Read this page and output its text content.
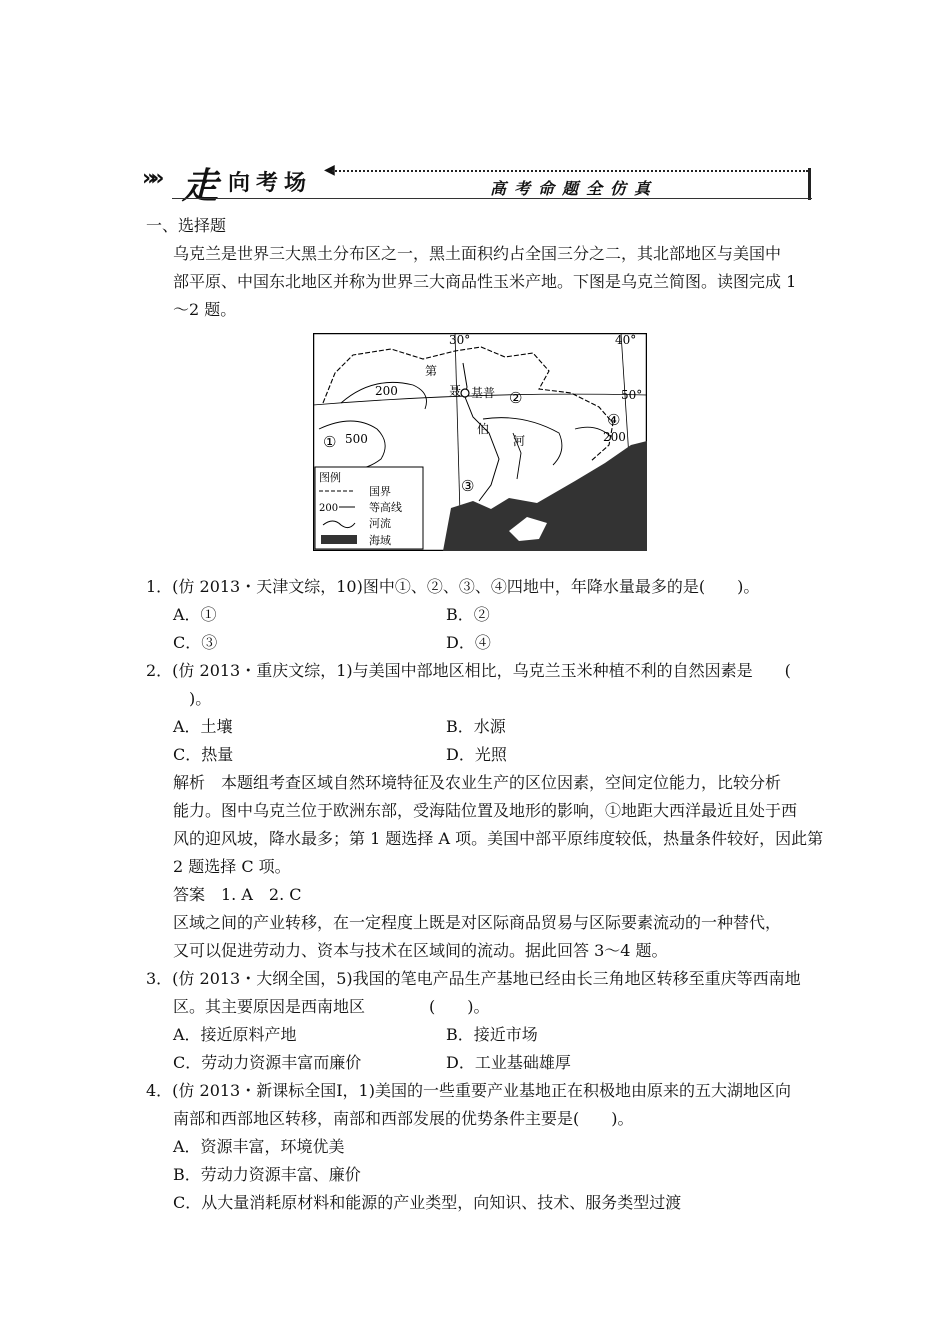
»» 走 向考场
◀
高考命题全仿真
一、选择题
乌克兰是世界三大黑土分布区之一，黑土面积约占全国三分之二，其北部地区与美国中
部平原、中国东北地区并称为世界三大商品性玉米产地。下图是乌克兰简图。读图完成 1
～2 题。
30°	40°
50°
200
500	200
第
聂 基普
伯
河
①
②
③
④
图例
国界
200	等高线
河流
海域
1．(仿 2013・天津文综，10)图中①、②、③、④四地中，年降水量最多的是(　　)。
A．①	B．②
C．③	D．④
2．(仿 2013・重庆文综，1)与美国中部地区相比，乌克兰玉米种植不利的自然因素是　　(
　)。
A．土壤	B．水源
C．热量	D．光照
解析　本题组考查区域自然环境特征及农业生产的区位因素，空间定位能力，比较分析
能力。图中乌克兰位于欧洲东部，受海陆位置及地形的影响，①地距大西洋最近且处于西
风的迎风坡，降水最多；第 1 题选择 A 项。美国中部平原纬度较低，热量条件较好，因此第
2 题选择 C 项。
答案　1. A　2. C
区域之间的产业转移，在一定程度上既是对区际商品贸易与区际要素流动的一种替代，
又可以促进劳动力、资本与技术在区域间的流动。据此回答 3～4 题。
3．(仿 2013・大纲全国，5)我国的笔电产品生产基地已经由长三角地区转移至重庆等西南地
区。其主要原因是西南地区　　　　(　　)。
A．接近原料产地	B．接近市场
C．劳动力资源丰富而廉价	D．工业基础雄厚
4．(仿 2013・新课标全国Ⅰ，1)美国的一些重要产业基地正在积极地由原来的五大湖地区向
南部和西部地区转移，南部和西部发展的优势条件主要是(　　)。
A．资源丰富，环境优美
B．劳动力资源丰富、廉价
C．从大量消耗原材料和能源的产业类型，向知识、技术、服务类型过渡
